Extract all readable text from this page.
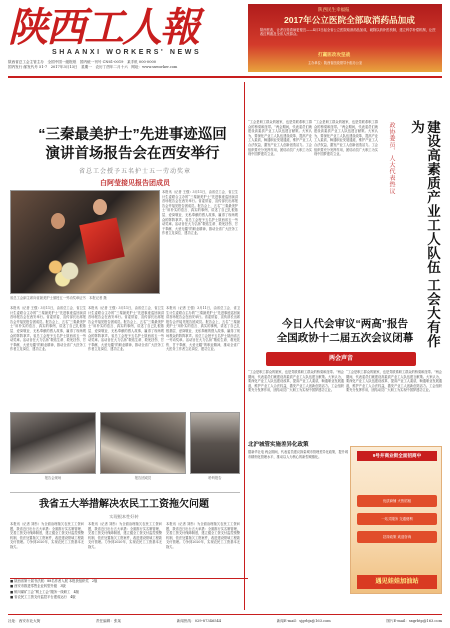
陕西工人報
SHAANXI WORKERS' NEWS
陕西省总工会主管主办　全国中国一级报纸　国内统一刊号 CN61-0019　某手机 000·0000
国内发行 邮发代号 51-7　2017年3月13日　星期一　农历丁酉年二月十六　网址：www.sxworker.com
陕西民生幸福报
2017年公立医院全部取消药品加成
陕西医改，让老百姓看病更便宜——4月1日起全省公立医院取消药品加成，破除以药补医机制，建立科学补偿机制，让医改红利惠及全省人民群众。
打赢医改攻坚战
主办单位：陕西省医改领导小组办公室
“三秦最美护士”先进事迹巡回
演讲首场报告会在西安举行
省总工会授予五名护士五一劳动奖章
白阿莹接见报告团成员
省总工会副主席向省最美护士颁授五一劳动奖章证书　本报记者 摄
本报讯（记者 王强）3月11日，由省总工会、省卫生计生委联合主办的“三秦最美护士”先进事迹巡回演讲首场报告会在西安举行。省委常委、宣传部长出席报告会并接见报告团成员。报告会上，五名“三秦最美护士”用朴实的语言、真实的事例，讲述了自己扎根基层、爱岗敬业、无私奉献的感人故事，赢得了现场观众的阵阵掌声。省总工会授予五名护士陕西省五一劳动奖章。活动旨在大力弘扬“敬佑生命、救死扶伤、甘于奉献、大爱无疆”的职业精神，推动全省广大医务工作者立足岗位、建功立业。
本报讯（记者 王强）3月11日，由省总工会、省卫生计生委联合主办的“三秦最美护士”先进事迹巡回演讲首场报告会在西安举行。省委常委、宣传部长出席报告会并接见报告团成员。报告会上，五名“三秦最美护士”用朴实的语言、真实的事例，讲述了自己扎根基层、爱岗敬业、无私奉献的感人故事，赢得了现场观众的阵阵掌声。省总工会授予五名护士陕西省五一劳动奖章。活动旨在大力弘扬“敬佑生命、救死扶伤、甘于奉献、大爱无疆”的职业精神，推动全省广大医务工作者立足岗位、建功立业。
本报讯（记者 王强）3月11日，由省总工会、省卫生计生委联合主办的“三秦最美护士”先进事迹巡回演讲首场报告会在西安举行。省委常委、宣传部长出席报告会并接见报告团成员。报告会上，五名“三秦最美护士”用朴实的语言、真实的事例，讲述了自己扎根基层、爱岗敬业、无私奉献的感人故事，赢得了现场观众的阵阵掌声。省总工会授予五名护士陕西省五一劳动奖章。活动旨在大力弘扬“敬佑生命、救死扶伤、甘于奉献、大爱无疆”的职业精神，推动全省广大医务工作者立足岗位、建功立业。
本报讯（记者 王强）3月11日，由省总工会、省卫生计生委联合主办的“三秦最美护士”先进事迹巡回演讲首场报告会在西安举行。省委常委、宣传部长出席报告会并接见报告团成员。报告会上，五名“三秦最美护士”用朴实的语言、真实的事例，讲述了自己扎根基层、爱岗敬业、无私奉献的感人故事，赢得了现场观众的阵阵掌声。省总工会授予五名护士陕西省五一劳动奖章。活动旨在大力弘扬“敬佑生命、救死扶伤、甘于奉献、大爱无疆”的职业精神，推动全省广大医务工作者立足岗位、建功立业。
报告会现场	报告团成员	聆听报告
我省五大举措解决农民工工资拖欠问题
实现根本性好转
本报讯（记者 刘彤）为全面治理拖欠农民工工资问题，我省近日出台五大举措：全面推行实名制管理，完善工资支付保障制度，建立健全工资支付监控预警机制，依法处置拖欠工资案件，改进建设领域工程款支付管理。力争到2020年，实现农民工工资基本无拖欠。
本报讯（记者 刘彤）为全面治理拖欠农民工工资问题，我省近日出台五大举措：全面推行实名制管理，完善工资支付保障制度，建立健全工资支付监控预警机制，依法处置拖欠工资案件，改进建设领域工程款支付管理。力争到2020年，实现农民工工资基本无拖欠。
本报讯（记者 刘彤）为全面治理拖欠农民工工资问题，我省近日出台五大举措：全面推行实名制管理，完善工资支付保障制度，建立健全工资支付监控预警机制，依法处置拖欠工资案件，改进建设领域工程款支付管理。力争到2020年，实现农民工工资基本无拖欠。
■ 陕西省第十届书法展：88名作者入展 本报获组织奖　2版
■ 西安市推进零售企业转型升级　3版
■ 铜川煤矿工会“网上工会”服务一线职工　4版
■ 省农民工工资支付监控平台建成运行　4版
“工会是职工群众的娘家，也是党联系职工群众的桥梁和纽带。”两会期间，代表委员们就建设高素质产业工人队伍建言献策。大家认为，要深化产业工人队伍建设改革，提高产业工人素质，畅通职业发展通道，维护产业工人合法权益，激发产业工人创新创造活力。工会组织要充分发挥作用，团结动员广大职工为实现中国梦建功立业。
“工会是职工群众的娘家，也是党联系职工群众的桥梁和纽带。”两会期间，代表委员们就建设高素质产业工人队伍建言献策。大家认为，要深化产业工人队伍建设改革，提高产业工人素质，畅通职业发展通道，维护产业工人合法权益，激发产业工人创新创造活力。工会组织要充分发挥作用，团结动员广大职工为实现中国梦建功立业。	政协委员、人大代表热议	建设高素质产业工人队伍 工会大有作为
今日人代会审议“两高”报告
全国政协十二届五次会议闭幕
两会声音
“工会是职工群众的娘家，也是党联系职工群众的桥梁和纽带。”两会期间，代表委员们就建设高素质产业工人队伍建言献策。大家认为，要深化产业工人队伍建设改革，提高产业工人素质，畅通职业发展通道，维护产业工人合法权益，激发产业工人创新创造活力。工会组织要充分发挥作用，团结动员广大职工为实现中国梦建功立业。
“工会是职工群众的娘家，也是党联系职工群众的桥梁和纽带。”两会期间，代表委员们就建设高素质产业工人队伍建言献策。大家认为，要深化产业工人队伍建设改革，提高产业工人素质，畅通职业发展通道，维护产业工人合法权益，激发产业工人创新创造活力。工会组织要充分发挥作用，团结动员广大职工为实现中国梦建功立业。
北沪城管实施差异化政策
据新华社电 两会期间，代表委员建议探索城市管理差异化政策，提升城市精细化管理水平，推动以人为核心的新型城镇化。	9号井商业街全面招商中
优质商铺 火热招租
一站式服务 交通便利
扶持政策 欢迎咨询
遇见娃娃加油站
社址：西安市北大街	责任编辑：张某	新闻热线：029-87346544	新闻E-mail：sjgrbjz@163.com	图片E-mail：sxgrbtp@163.com
